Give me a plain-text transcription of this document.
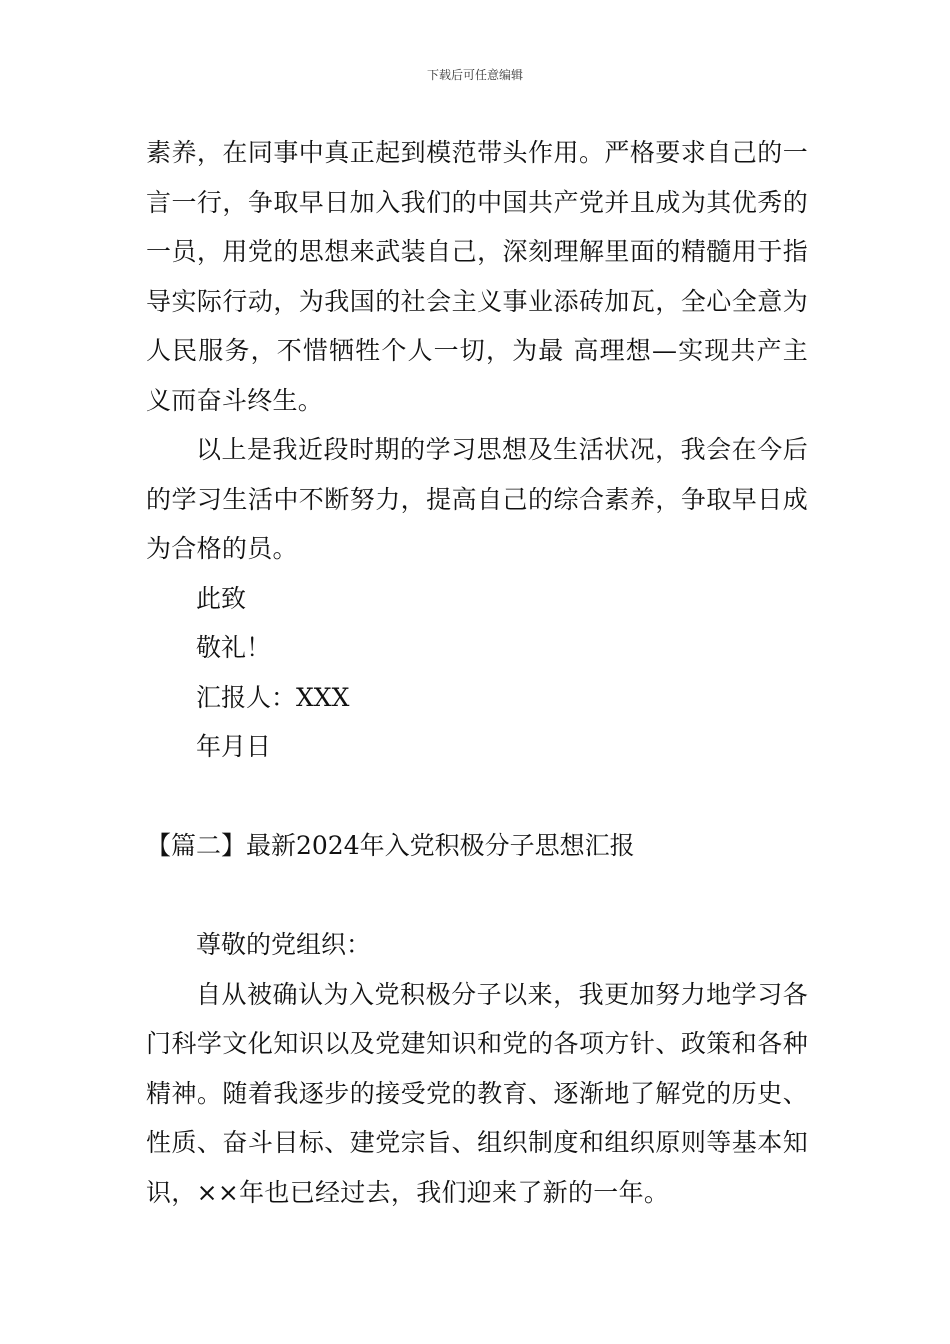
下载后可任意编辑

素养，在同事中真正起到模范带头作用。严格要求自己的一言一行，争取早日加入我们的中国共产党并且成为其优秀的一员，用党的思想来武装自己，深刻理解里面的精髓用于指导实际行动，为我国的社会主义事业添砖加瓦，全心全意为人民服务，不惜牺牲个人一切，为最 高理想—实现共产主义而奋斗终生。

以上是我近段时期的学习思想及生活状况，我会在今后的学习生活中不断努力，提高自己的综合素养，争取早日成为合格的员。

此致

敬礼！

汇报人：XXX

年月日

【篇二】最新2024年入党积极分子思想汇报

尊敬的党组织：

自从被确认为入党积极分子以来，我更加努力地学习各门科学文化知识以及党建知识和党的各项方针、政策和各种精神。随着我逐步的接受党的教育、逐渐地了解党的历史、性质、奋斗目标、建党宗旨、组织制度和组织原则等基本知识，××年也已经过去，我们迎来了新的一年。
